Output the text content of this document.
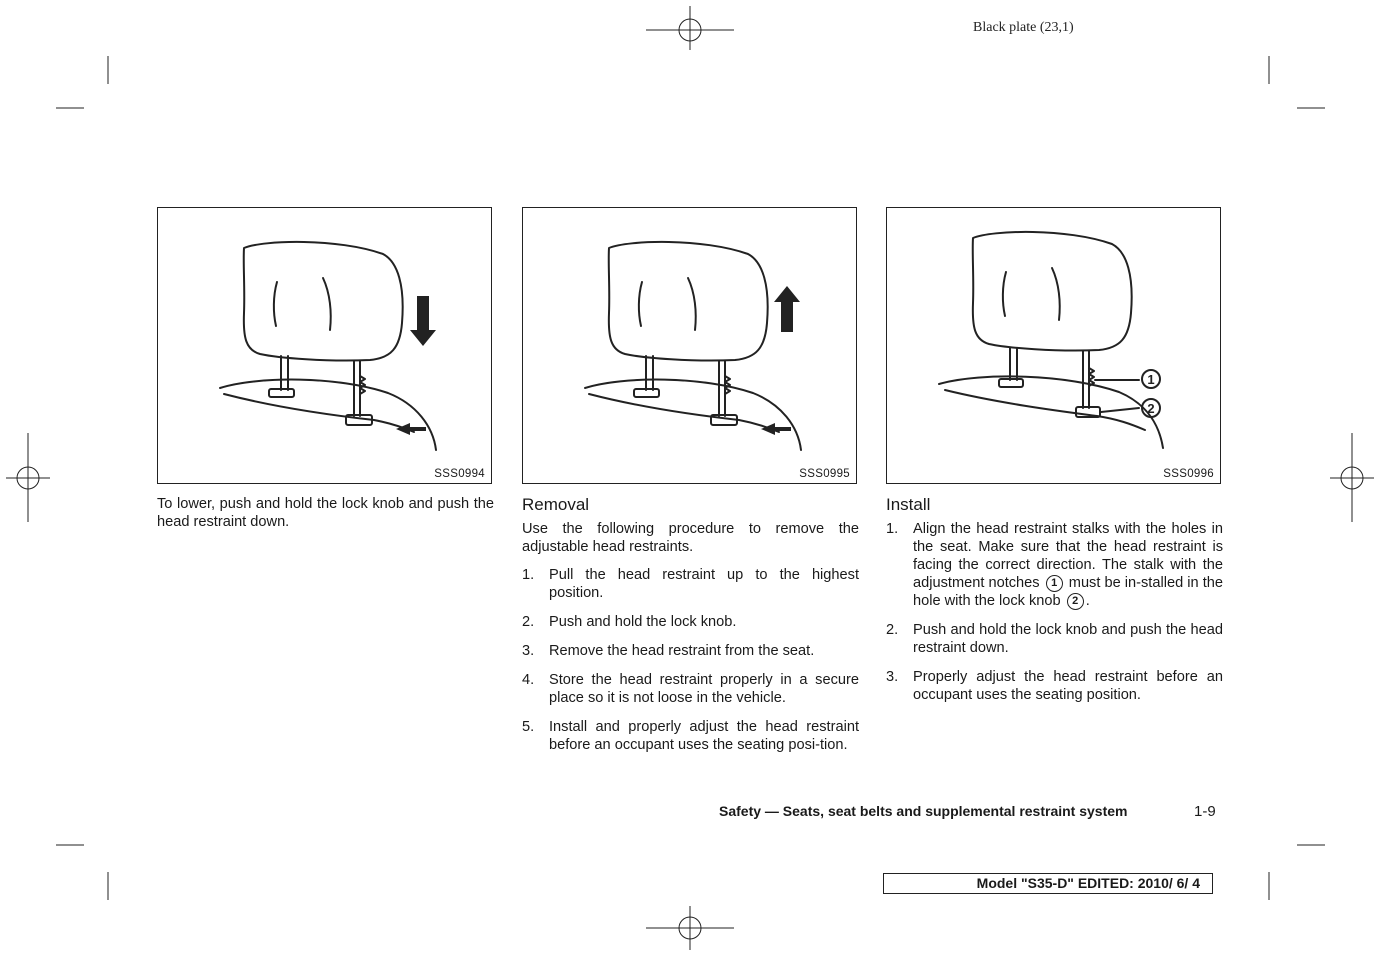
Black plate (23,1)
SSS0994	SSS0995
1
2
SSS0996

To lower, push and hold the lock knob and push the head restraint down.

Removal

Use the following procedure to remove the adjustable head restraints.

1. Pull the head restraint up to the highest position.
2. Push and hold the lock knob.
3. Remove the head restraint from the seat.
4. Store the head restraint properly in a secure place so it is not loose in the vehicle.
5. Install and properly adjust the head restraint before an occupant uses the seating posi-tion.
Install
1. Align the head restraint stalks with the holes in the seat. Make sure that the head restraint is facing the correct direction. The stalk with the adjustment notches 1 must be in-stalled in the hole with the lock knob 2 .
2. Push and hold the lock knob and push the head restraint down.
3. Properly adjust the head restraint before an occupant uses the seating position.
Safety — Seats, seat belts and supplemental restraint system	1-9
Model "S35-D" EDITED: 2010/ 6/ 4
